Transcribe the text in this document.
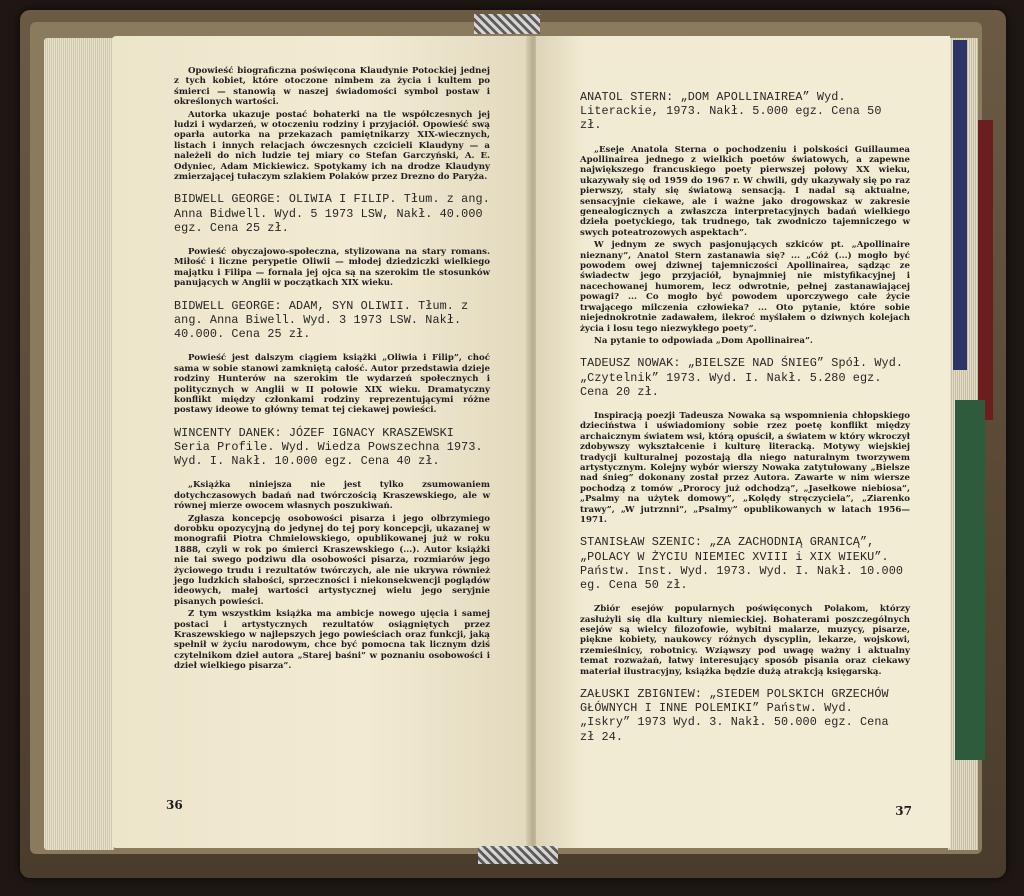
Opowieść biograficzna poświęcona Klaudynie Potockiej jednej z tych kobiet, które otoczone nimbem za życia i kultem po śmierci — stanowią w naszej świadomości symbol postaw i określonych wartości.

Autorka ukazuje postać bohaterki na tle współczesnych jej ludzi i wydarzeń, w otoczeniu rodziny i przyjaciół. Opowieść swą oparła autorka na przekazach pamiętnikarzy XIX-wiecznych, listach i innych relacjach ówczesnych czcicieli Klaudyny — a należeli do nich ludzie tej miary co Stefan Garczyński, A. E. Odyniec, Adam Mickiewicz. Spotykamy ich na drodze Klaudyny zmierzającej tułaczym szlakiem Polaków przez Drezno do Paryża.

BIDWELL GEORGE: OLIWIA I FILIP. Tłum. z ang. Anna Bidwell. Wyd. 5 1973 LSW, Nakł. 40.000 egz. Cena 25 zł.

Powieść obyczajowo-społeczna, stylizowana na stary romans. Miłość i liczne perypetie Oliwii — młodej dziedziczki wielkiego majątku i Filipa — fornala jej ojca są na szerokim tle stosunków panujących w Anglii w początkach XIX wieku.

BIDWELL GEORGE: ADAM, SYN OLIWII. Tłum. z ang. Anna Biwell. Wyd. 3 1973 LSW. Nakł. 40.000. Cena 25 zł.

Powieść jest dalszym ciągiem książki „Oliwia i Filip”, choć sama w sobie stanowi zamkniętą całość. Autor przedstawia dzieje rodziny Hunterów na szerokim tle wydarzeń społecznych i politycznych w Anglii w II połowie XIX wieku. Dramatyczny konflikt między członkami rodziny reprezentującymi różne postawy ideowe to główny temat tej ciekawej powieści.

WINCENTY DANEK: JÓZEF IGNACY KRASZEWSKI Seria Profile. Wyd. Wiedza Powszechna 1973. Wyd. I. Nakł. 10.000 egz. Cena 40 zł.

„Książka niniejsza nie jest tylko zsumowaniem dotychczasowych badań nad twórczością Kraszewskiego, ale w równej mierze owocem własnych poszukiwań.

Zgłasza koncepcję osobowości pisarza i jego olbrzymiego dorobku opozycyjną do jedynej do tej pory koncepcji, ukazanej w monografii Piotra Chmielowskiego, opublikowanej już w roku 1888, czyli w rok po śmierci Kraszewskiego (...). Autor książki nie tai swego podziwu dla osobowości pisarza, rozmiarów jego życiowego trudu i rezultatów twórczych, ale nie ukrywa również jego ludzkich słabości, sprzeczności i niekonsekwencji poglądów ideowych, małej wartości artystycznej wielu jego seryjnie pisanych powieści.

Z tym wszystkim książka ma ambicje nowego ujęcia i samej postaci i artystycznych rezultatów osiągniętych przez Kraszewskiego w najlepszych jego powieściach oraz funkcji, jaką spełnił w życiu narodowym, chce być pomocna tak licznym dziś czytelnikom dzieł autora „Starej baśni” w poznaniu osobowości i dzieł wielkiego pisarza”.

36

ANATOL STERN: „DOM APOLLINAIREA” Wyd. Literackie, 1973. Nakł. 5.000 egz. Cena 50 zł.

„Eseje Anatola Sterna o pochodzeniu i polskości Guillaumea Apollinairea jednego z wielkich poetów światowych, a zapewne największego francuskiego poety pierwszej połowy XX wieku, ukazywały się od 1959 do 1967 r. W chwili, gdy ukazywały się po raz pierwszy, stały się światową sensacją. I nadal są aktualne, sensacyjnie ciekawe, ale i ważne jako drogowskaz w zakresie genealogicznych a zwłaszcza interpretacyjnych badań wielkiego dzieła poetyckiego, tak trudnego, tak zwodniczo tajemniczego w swych poteatrozowych aspektach”.

W jednym ze swych pasjonujących szkiców pt. „Apollinaire nieznany”, Anatol Stern zastanawia się? ... „Cóż (...) mogło być powodem owej dziwnej tajemniczości Apollinairea, sądząc ze świadectw jego przyjaciół, bynajmniej nie mistyfikacyjnej i nacechowanej humorem, lecz odwrotnie, pełnej zastanawiającej powagi? ... Co mogło być powodem uporczywego całe życie trwającego milczenia człowieka? ... Oto pytanie, które sobie niejednokrotnie zadawałem, ilekroć myślałem o dziwnych kolejach życia i losu tego niezwykłego poety”.

Na pytanie to odpowiada „Dom Apollinairea”.

TADEUSZ NOWAK: „BIELSZE NAD ŚNIEG” Spół. Wyd. „Czytelnik” 1973. Wyd. I. Nakł. 5.280 egz. Cena 20 zł.

Inspiracją poezji Tadeusza Nowaka są wspomnienia chłopskiego dzieciństwa i uświadomiony sobie rzez poetę konflikt między archaicznym światem wsi, którą opuścił, a światem w który wkroczył zdobywszy wykształcenie i kulturę literacką. Motywy wiejskiej tradycji kulturalnej pozostają dla niego naturalnym tworzywem artystycznym. Kolejny wybór wierszy Nowaka zatytułowany „Bielsze nad śnieg” dokonany został przez Autora. Zawarte w nim wiersze pochodzą z tomów „Prorocy już odchodzą”, „Jasełkowe niebiosa”, „Psalmy na użytek domowy”, „Kolędy stręczyciela”, „Ziarenko trawy”, „W jutrznni”, „Psalmy” opublikowanych w latach 1956—1971.

STANISŁAW SZENIC: „ZA ZACHODNIĄ GRANICĄ”, „POLACY W ŻYCIU NIEMIEC XVIII i XIX WIEKU”. Państw. Inst. Wyd. 1973. Wyd. I. Nakł. 10.000 eg. Cena 50 zł.

Zbiór esejów popularnych poświęconych Polakom, którzy zasłużyli się dla kultury niemieckiej. Bohaterami poszczególnych esejów są wielcy filozofowie, wybitni malarze, muzycy, pisarze, piękne kobiety, naukowcy różnych dyscyplin, lekarze, wojskowi, rzemieślnicy, robotnicy. Wziąwszy pod uwagę ważny i aktualny temat rozważań, łatwy interesujący sposób pisania oraz ciekawy materiał ilustracyjny, książka będzie dużą atrakcją księgarską.

ZAŁUSKI ZBIGNIEW: „SIEDEM POLSKICH GRZECHÓW GŁÓWNYCH I INNE POLEMIKI” Państw. Wyd. „Iskry” 1973 Wyd. 3. Nakł. 50.000 egz. Cena zł 24.

37
